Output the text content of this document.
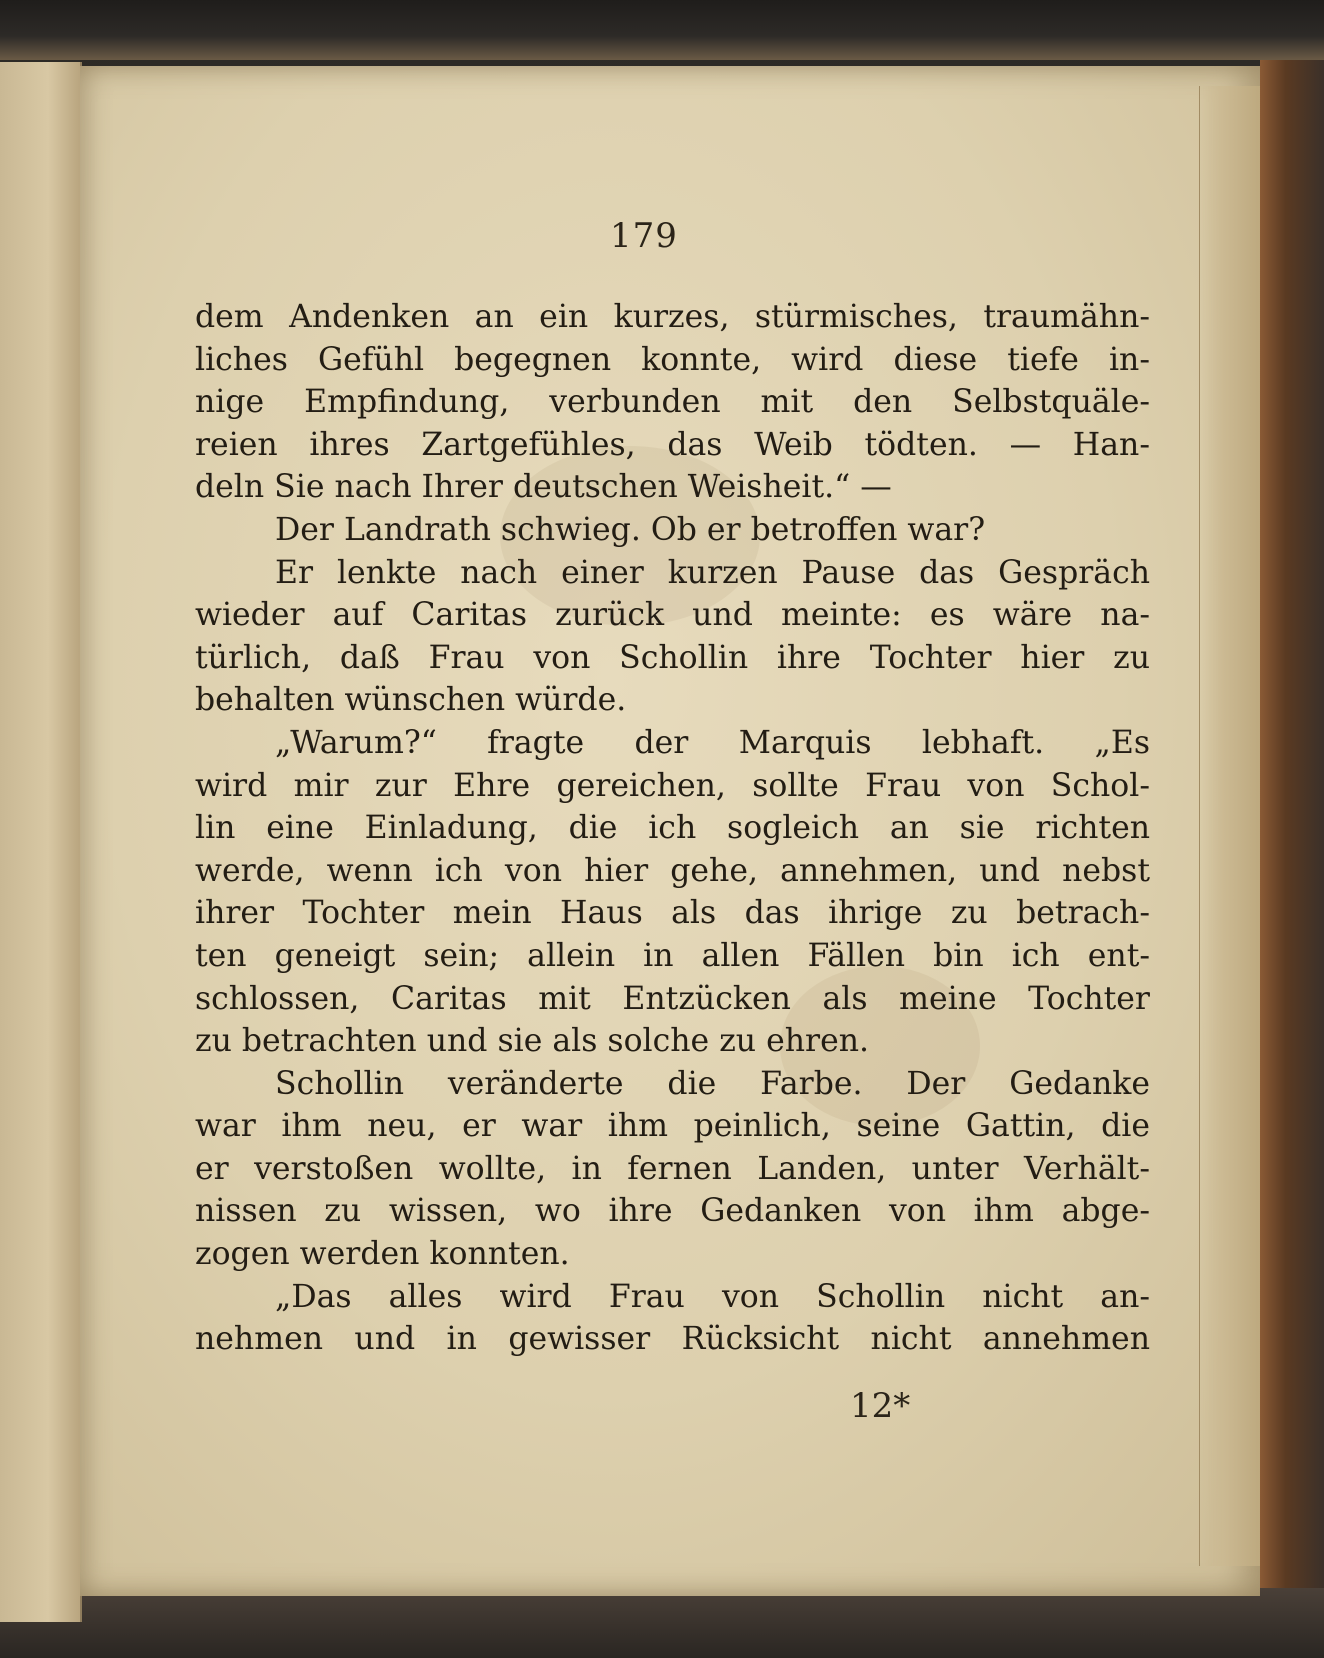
179
dem Andenken an ein kurzes, stürmisches, traumähn-
liches Gefühl begegnen konnte, wird diese tiefe in-
nige Empfindung, verbunden mit den Selbstquäle-
reien ihres Zartgefühles, das Weib tödten. — Han-
deln Sie nach Ihrer deutschen Weisheit.“ —
Der Landrath schwieg. Ob er betroffen war?
Er lenkte nach einer kurzen Pause das Gespräch
wieder auf Caritas zurück und meinte: es wäre na-
türlich, daß Frau von Schollin ihre Tochter hier zu
behalten wünschen würde.
„Warum?“ fragte der Marquis lebhaft. „Es
wird mir zur Ehre gereichen, sollte Frau von Schol-
lin eine Einladung, die ich sogleich an sie richten
werde, wenn ich von hier gehe, annehmen, und nebst
ihrer Tochter mein Haus als das ihrige zu betrach-
ten geneigt sein; allein in allen Fällen bin ich ent-
schlossen, Caritas mit Entzücken als meine Tochter
zu betrachten und sie als solche zu ehren.
Schollin veränderte die Farbe. Der Gedanke
war ihm neu, er war ihm peinlich, seine Gattin, die
er verstoßen wollte, in fernen Landen, unter Verhält-
nissen zu wissen, wo ihre Gedanken von ihm abge-
zogen werden konnten.
„Das alles wird Frau von Schollin nicht an-
nehmen und in gewisser Rücksicht nicht annehmen
12*
